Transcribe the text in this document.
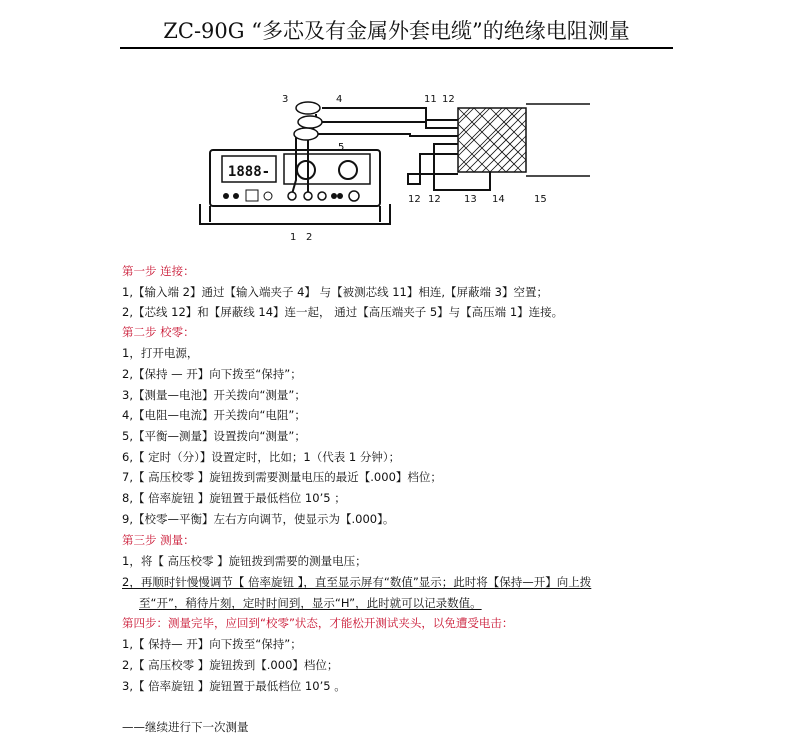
ZC-90G “多芯及有金属外套电缆”的绝缘电阻测量
1888-
3	4	11 12
5
12 12 13 14	15
1 2
第一步 连接：
1,【输入端 2】通过【输入端夹子 4】 与【被测芯线 11】相连,【屏蔽端 3】空置；
2,【芯线 12】和【屏蔽线 14】连一起， 通过【高压端夹子 5】与【高压端 1】连接。
第二步 校零：
1，打开电源，
2,【保持 — 开】向下拨至“保持”；
3,【测量—电池】开关拨向“测量”；
4,【电阻—电流】开关拨向“电阻”；
5,【平衡—测量】设置拨向“测量”；
6,【 定时（分）】设置定时，比如；1（代表 1 分钟）；
7,【 高压校零 】旋钮拨到需要测量电压的最近【.000】档位；
8,【 倍率旋钮 】旋钮置于最低档位 10’5 ；
9,【校零—平衡】左右方向调节，使显示为【.000】。
第三步 测量：
1，将【 高压校零 】旋钮拨到需要的测量电压；
2，再顺时针慢慢调节【 倍率旋钮 】，直至显示屏有“数值”显示；此时将【保持—开】向上拨
至“开”，稍待片刻，定时时间到，显示“H”，此时就可以记录数值。
第四步：测量完毕，应回到“校零”状态，才能松开测试夹头，以免遭受电击：
1,【 保持— 开】向下拨至“保持”；
2,【 高压校零 】旋钮拨到【.000】档位；
3,【 倍率旋钮 】旋钮置于最低档位 10’5 。
——继续进行下一次测量
